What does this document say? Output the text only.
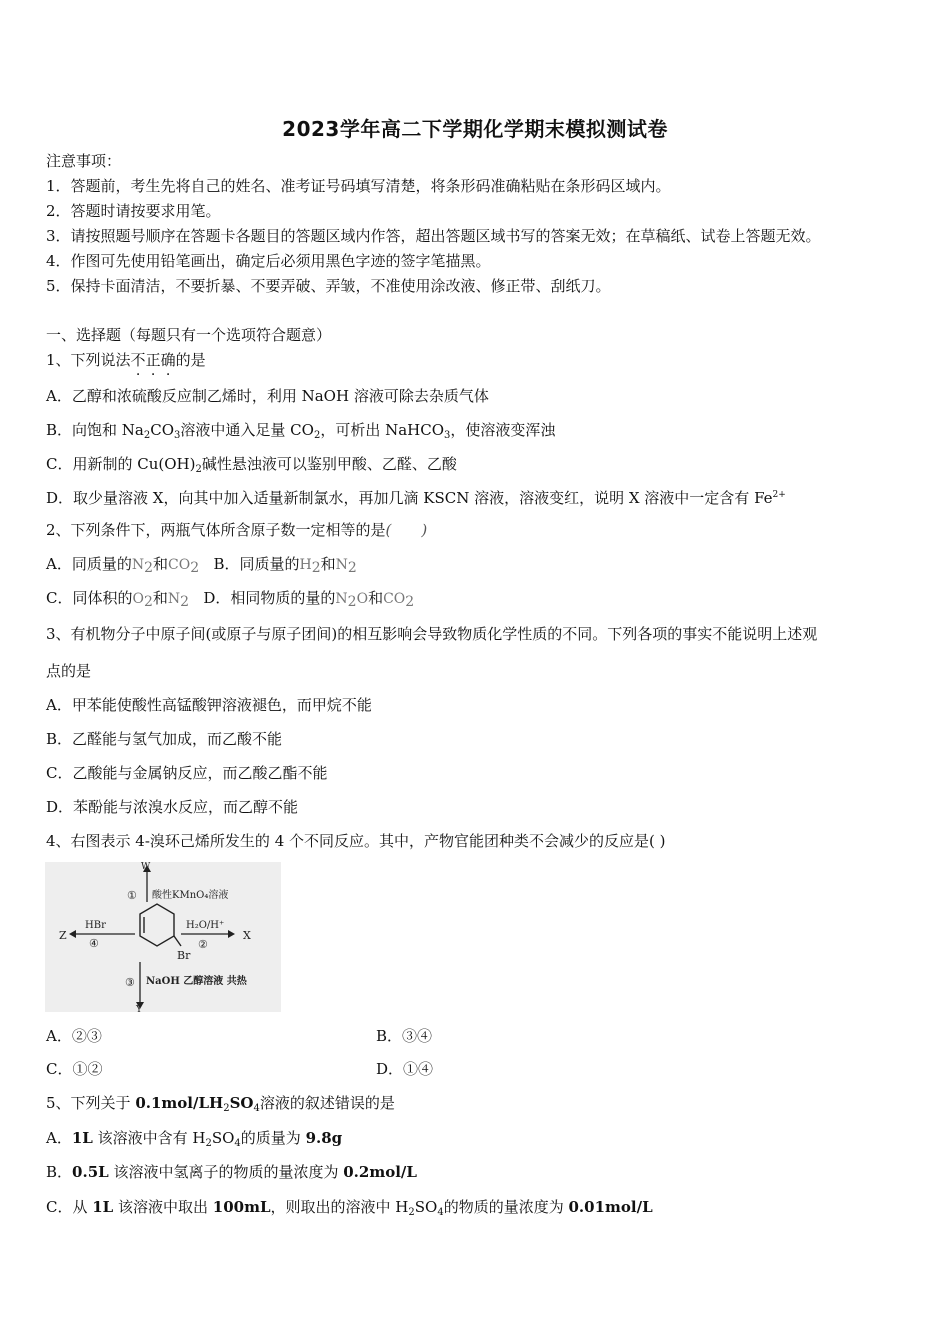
2023学年高二下学期化学期末模拟测试卷
注意事项：
1．答题前，考生先将自己的姓名、准考证号码填写清楚，将条形码准确粘贴在条形码区域内。
2．答题时请按要求用笔。
3．请按照题号顺序在答题卡各题目的答题区域内作答，超出答题区域书写的答案无效；在草稿纸、试卷上答题无效。
4．作图可先使用铅笔画出，确定后必须用黑色字迹的签字笔描黑。
5．保持卡面清洁，不要折暴、不要弄破、弄皱，不准使用涂改液、修正带、刮纸刀。
一、选择题（每题只有一个选项符合题意）
1、下列说法不正确的是
A．乙醇和浓硫酸反应制乙烯时，利用 NaOH 溶液可除去杂质气体
B．向饱和 $Na_2CO_3$溶液中通入足量 $CO_2$，可析出 NaHCO$_3$，使溶液变浑浊
C．用新制的 $Cu(OH)_2$碱性悬浊液可以鉴别甲酸、乙醛、乙酸
D．取少量溶液 X，向其中加入适量新制氯水，再加几滴 KSCN 溶液，溶液变红，说明 X 溶液中一定含有 $Fe^{2+}$
2、下列条件下，两瓶气体所含原子数一定相等的是(　　)
A．同质量的$N_2$和$CO_2$ B．同质量的$H_2$和$N_2$
C．同体积的$O_2$和$N_2$ D．相同物质的量的$N_2O$和$CO_2$
3、有机物分子中原子间(或原子与原子团间)的相互影响会导致物质化学性质的不同。下列各项的事实不能说明上述观
点的是
A．甲苯能使酸性高锰酸钾溶液褪色，而甲烷不能
B．乙醛能与氢气加成，而乙酸不能
C．乙酸能与金属钠反应，而乙酸乙酯不能
D．苯酚能与浓溴水反应，而乙醇不能
4、右图表示 4-溴环己烯所发生的 4 个不同反应。其中，产物官能团种类不会减少的反应是( )
Br
W
① 酸性KMnO₄溶液
Z
HBr
④
X
H₂O/H⁺
②
Y
③ NaOH 乙醇溶液 共热
A．②③	B．③④
C．①②	D．①④
5、下列关于 $0.1mol/LH_2SO_4$溶液的叙述错误的是
A．1L 该溶液中含有 $H_2SO_4$的质量为 9.8g
B．0.5L 该溶液中氢离子的物质的量浓度为 0.2mol/L
C．从 1L 该溶液中取出 100mL，则取出的溶液中 $H_2SO_4$的物质的量浓度为 0.01mol/L
